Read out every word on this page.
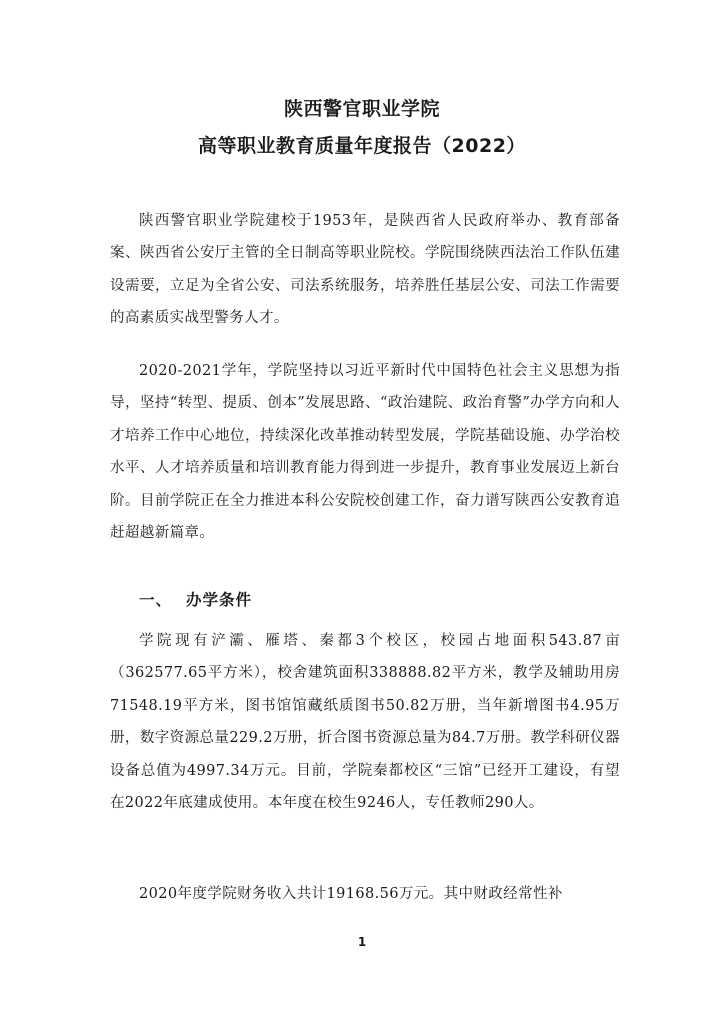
陕西警官职业学院
高等职业教育质量年度报告（2022）

陕西警官职业学院建校于1953年，是陕西省人民政府举办、教育部备案、陕西省公安厅主管的全日制高等职业院校。学院围绕陕西法治工作队伍建设需要，立足为全省公安、司法系统服务，培养胜任基层公安、司法工作需要的高素质实战型警务人才。

2020-2021学年，学院坚持以习近平新时代中国特色社会主义思想为指导，坚持“转型、提质、创本”发展思路、“政治建院、政治育警”办学方向和人才培养工作中心地位，持续深化改革推动转型发展，学院基础设施、办学治校水平、人才培养质量和培训教育能力得到进一步提升，教育事业发展迈上新台阶。目前学院正在全力推进本科公安院校创建工作，奋力谱写陕西公安教育追赶超越新篇章。

一、 办学条件

学院现有浐灞、雁塔、秦都3个校区，校园占地面积543.87亩（362577.65平方米），校舍建筑面积338888.82平方米，教学及辅助用房71548.19平方米，图书馆馆藏纸质图书50.82万册，当年新增图书4.95万册，数字资源总量229.2万册，折合图书资源总量为84.7万册。教学科研仪器设备总值为4997.34万元。目前，学院秦都校区“三馆”已经开工建设，有望在2022年底建成使用。本年度在校生9246人，专任教师290人。

2020年度学院财务收入共计19168.56万元。其中财政经常性补

1
